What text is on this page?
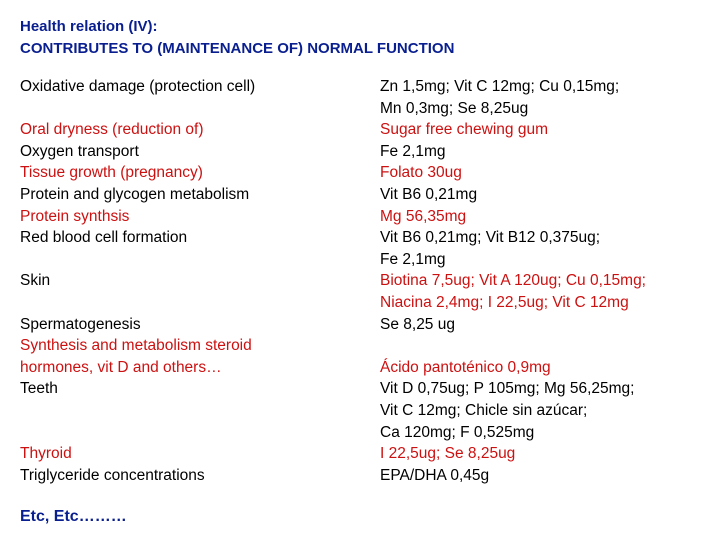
Health relation (IV):
CONTRIBUTES TO (MAINTENANCE OF) NORMAL FUNCTION
Oxidative damage (protection cell)
Oral dryness (reduction of)
Oxygen transport
Tissue growth (pregnancy)
Protein and glycogen metabolism
Protein synthsis
Red blood cell formation
Skin
Spermatogenesis
Synthesis and metabolism steroid
hormones, vit D and others…
Teeth
Thyroid
Triglyceride concentrations
Zn 1,5mg; Vit C 12mg; Cu 0,15mg;
Mn 0,3mg; Se 8,25ug
Sugar free chewing gum
Fe 2,1mg
Folato 30ug
Vit B6 0,21mg
Mg 56,35mg
Vit B6 0,21mg; Vit B12 0,375ug;
Fe 2,1mg
Biotina 7,5ug; Vit A 120ug; Cu 0,15mg;
Niacina 2,4mg; I 22,5ug; Vit C 12mg
Se 8,25 ug
Ácido pantoténico 0,9mg
Vit D 0,75ug; P 105mg; Mg 56,25mg;
Vit C 12mg; Chicle sin azúcar;
Ca 120mg; F 0,525mg
I 22,5ug; Se 8,25ug
EPA/DHA 0,45g
Etc, Etc………
